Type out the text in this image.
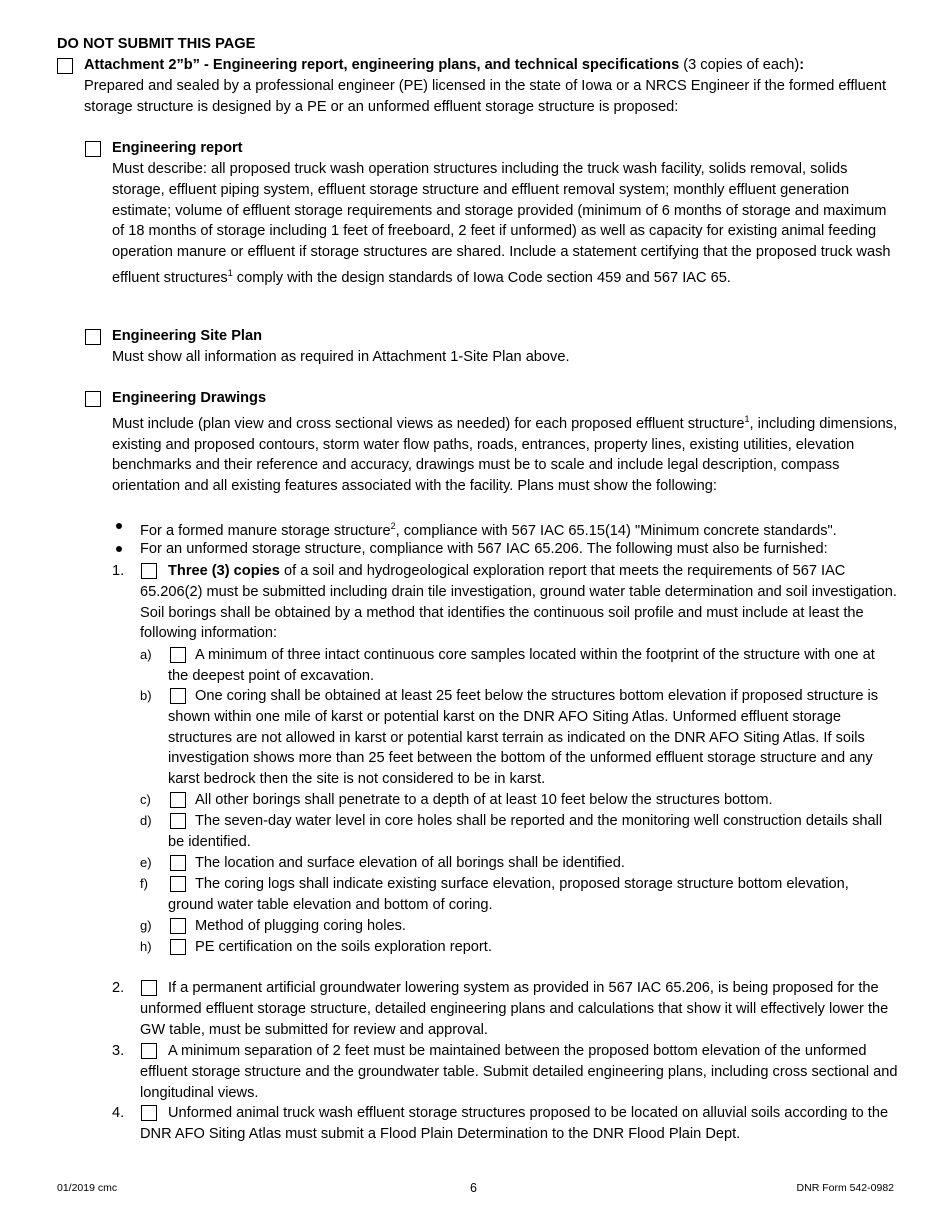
DO NOT SUBMIT THIS PAGE

Attachment 2”b” - Engineering report, engineering plans, and technical specifications (3 copies of each):

Prepared and sealed by a professional engineer (PE) licensed in the state of Iowa or a NRCS Engineer if the formed effluent storage structure is designed by a PE or an unformed effluent storage structure is proposed:

Engineering report
Must describe: all proposed truck wash operation structures including the truck wash facility, solids removal, solids storage, effluent piping system, effluent storage structure and effluent removal system; monthly effluent generation estimate; volume of effluent storage requirements and storage provided (minimum of 6 months of storage and maximum of 18 months of storage including 1 feet of freeboard, 2 feet if unformed) as well as capacity for existing animal feeding operation manure or effluent if storage structures are shared. Include a statement certifying that the proposed truck wash effluent structures$^1$ comply with the design standards of Iowa Code section 459 and 567 IAC 65.
Engineering Site Plan
Must show all information as required in Attachment 1-Site Plan above.
Engineering Drawings
Must include (plan view and cross sectional views as needed) for each proposed effluent structure$^1$, including dimensions, existing and proposed contours, storm water flow paths, roads, entrances, property lines, existing utilities, elevation benchmarks and their reference and accuracy, drawings must be to scale and include legal description, compass orientation and all existing features associated with the facility. Plans must show the following:
For a formed manure storage structure$^2$, compliance with 567 IAC 65.15(14) "Minimum concrete standards".
For an unformed storage structure, compliance with 567 IAC 65.206. The following must also be furnished:
1.	Three (3) copies of a soil and hydrogeological exploration report that meets the requirements of 567 IAC 65.206(2) must be submitted including drain tile investigation, ground water table determination and soil investigation. Soil borings shall be obtained by a method that identifies the continuous soil profile and must include at least the following information:
a)	A minimum of three intact continuous core samples located within the footprint of the structure with one at the deepest point of excavation.
b)	One coring shall be obtained at least 25 feet below the structures bottom elevation if proposed structure is shown within one mile of karst or potential karst on the DNR AFO Siting Atlas. Unformed effluent storage structures are not allowed in karst or potential karst terrain as indicated on the DNR AFO Siting Atlas. If soils investigation shows more than 25 feet between the bottom of the unformed effluent storage structure and any karst bedrock then the site is not considered to be in karst.
c)	All other borings shall penetrate to a depth of at least 10 feet below the structures bottom.
d)	The seven-day water level in core holes shall be reported and the monitoring well construction details shall be identified.
e)	The location and surface elevation of all borings shall be identified.
f)	The coring logs shall indicate existing surface elevation, proposed storage structure bottom elevation, ground water table elevation and bottom of coring.
g)	Method of plugging coring holes.
h)	PE certification on the soils exploration report.
2.	If a permanent artificial groundwater lowering system as provided in 567 IAC 65.206, is being proposed for the unformed effluent storage structure, detailed engineering plans and calculations that show it will effectively lower the GW table, must be submitted for review and approval.
3.	A minimum separation of 2 feet must be maintained between the proposed bottom elevation of the unformed effluent storage structure and the groundwater table. Submit detailed engineering plans, including cross sectional and longitudinal views.
4.	Unformed animal truck wash effluent storage structures proposed to be located on alluvial soils according to the DNR AFO Siting Atlas must submit a Flood Plain Determination to the DNR Flood Plain Dept.
01/2019 cmc	6	DNR Form 542-0982
